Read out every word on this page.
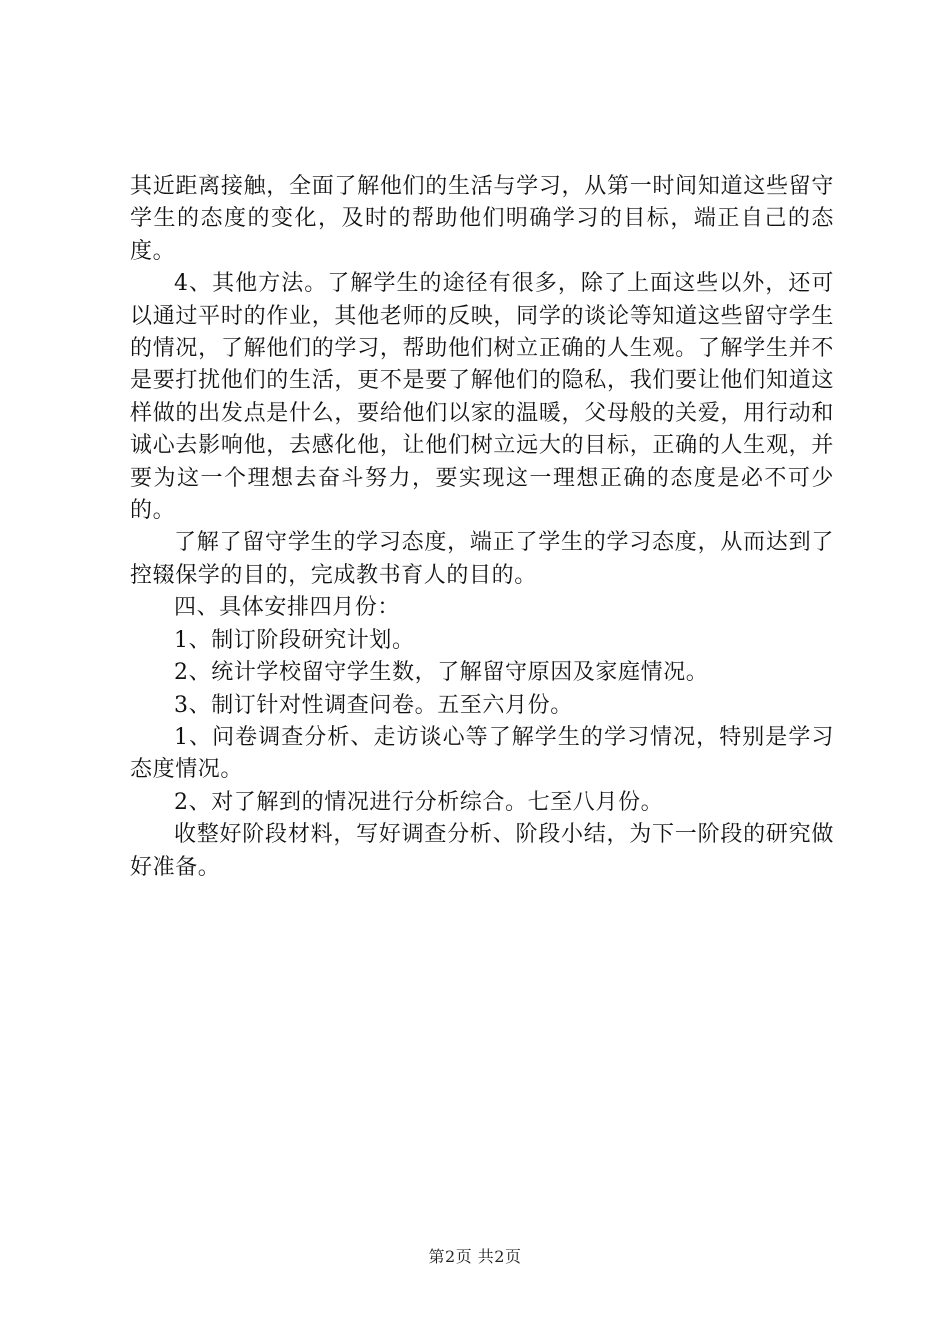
其近距离接触，全面了解他们的生活与学习，从第一时间知道这些留守学生的态度的变化，及时的帮助他们明确学习的目标，端正自己的态度。

4、其他方法。了解学生的途径有很多，除了上面这些以外，还可以通过平时的作业，其他老师的反映，同学的谈论等知道这些留守学生的情况，了解他们的学习，帮助他们树立正确的人生观。了解学生并不是要打扰他们的生活，更不是要了解他们的隐私，我们要让他们知道这样做的出发点是什么，要给他们以家的温暖，父母般的关爱，用行动和诚心去影响他，去感化他，让他们树立远大的目标，正确的人生观，并要为这一个理想去奋斗努力，要实现这一理想正确的态度是必不可少的。

了解了留守学生的学习态度，端正了学生的学习态度，从而达到了控辍保学的目的，完成教书育人的目的。

四、具体安排四月份：

1、制订阶段研究计划。

2、统计学校留守学生数，了解留守原因及家庭情况。

3、制订针对性调查问卷。五至六月份。

1、问卷调查分析、走访谈心等了解学生的学习情况，特别是学习态度情况。

2、对了解到的情况进行分析综合。七至八月份。

收整好阶段材料，写好调查分析、阶段小结，为下一阶段的研究做好准备。

第2页 共2页
